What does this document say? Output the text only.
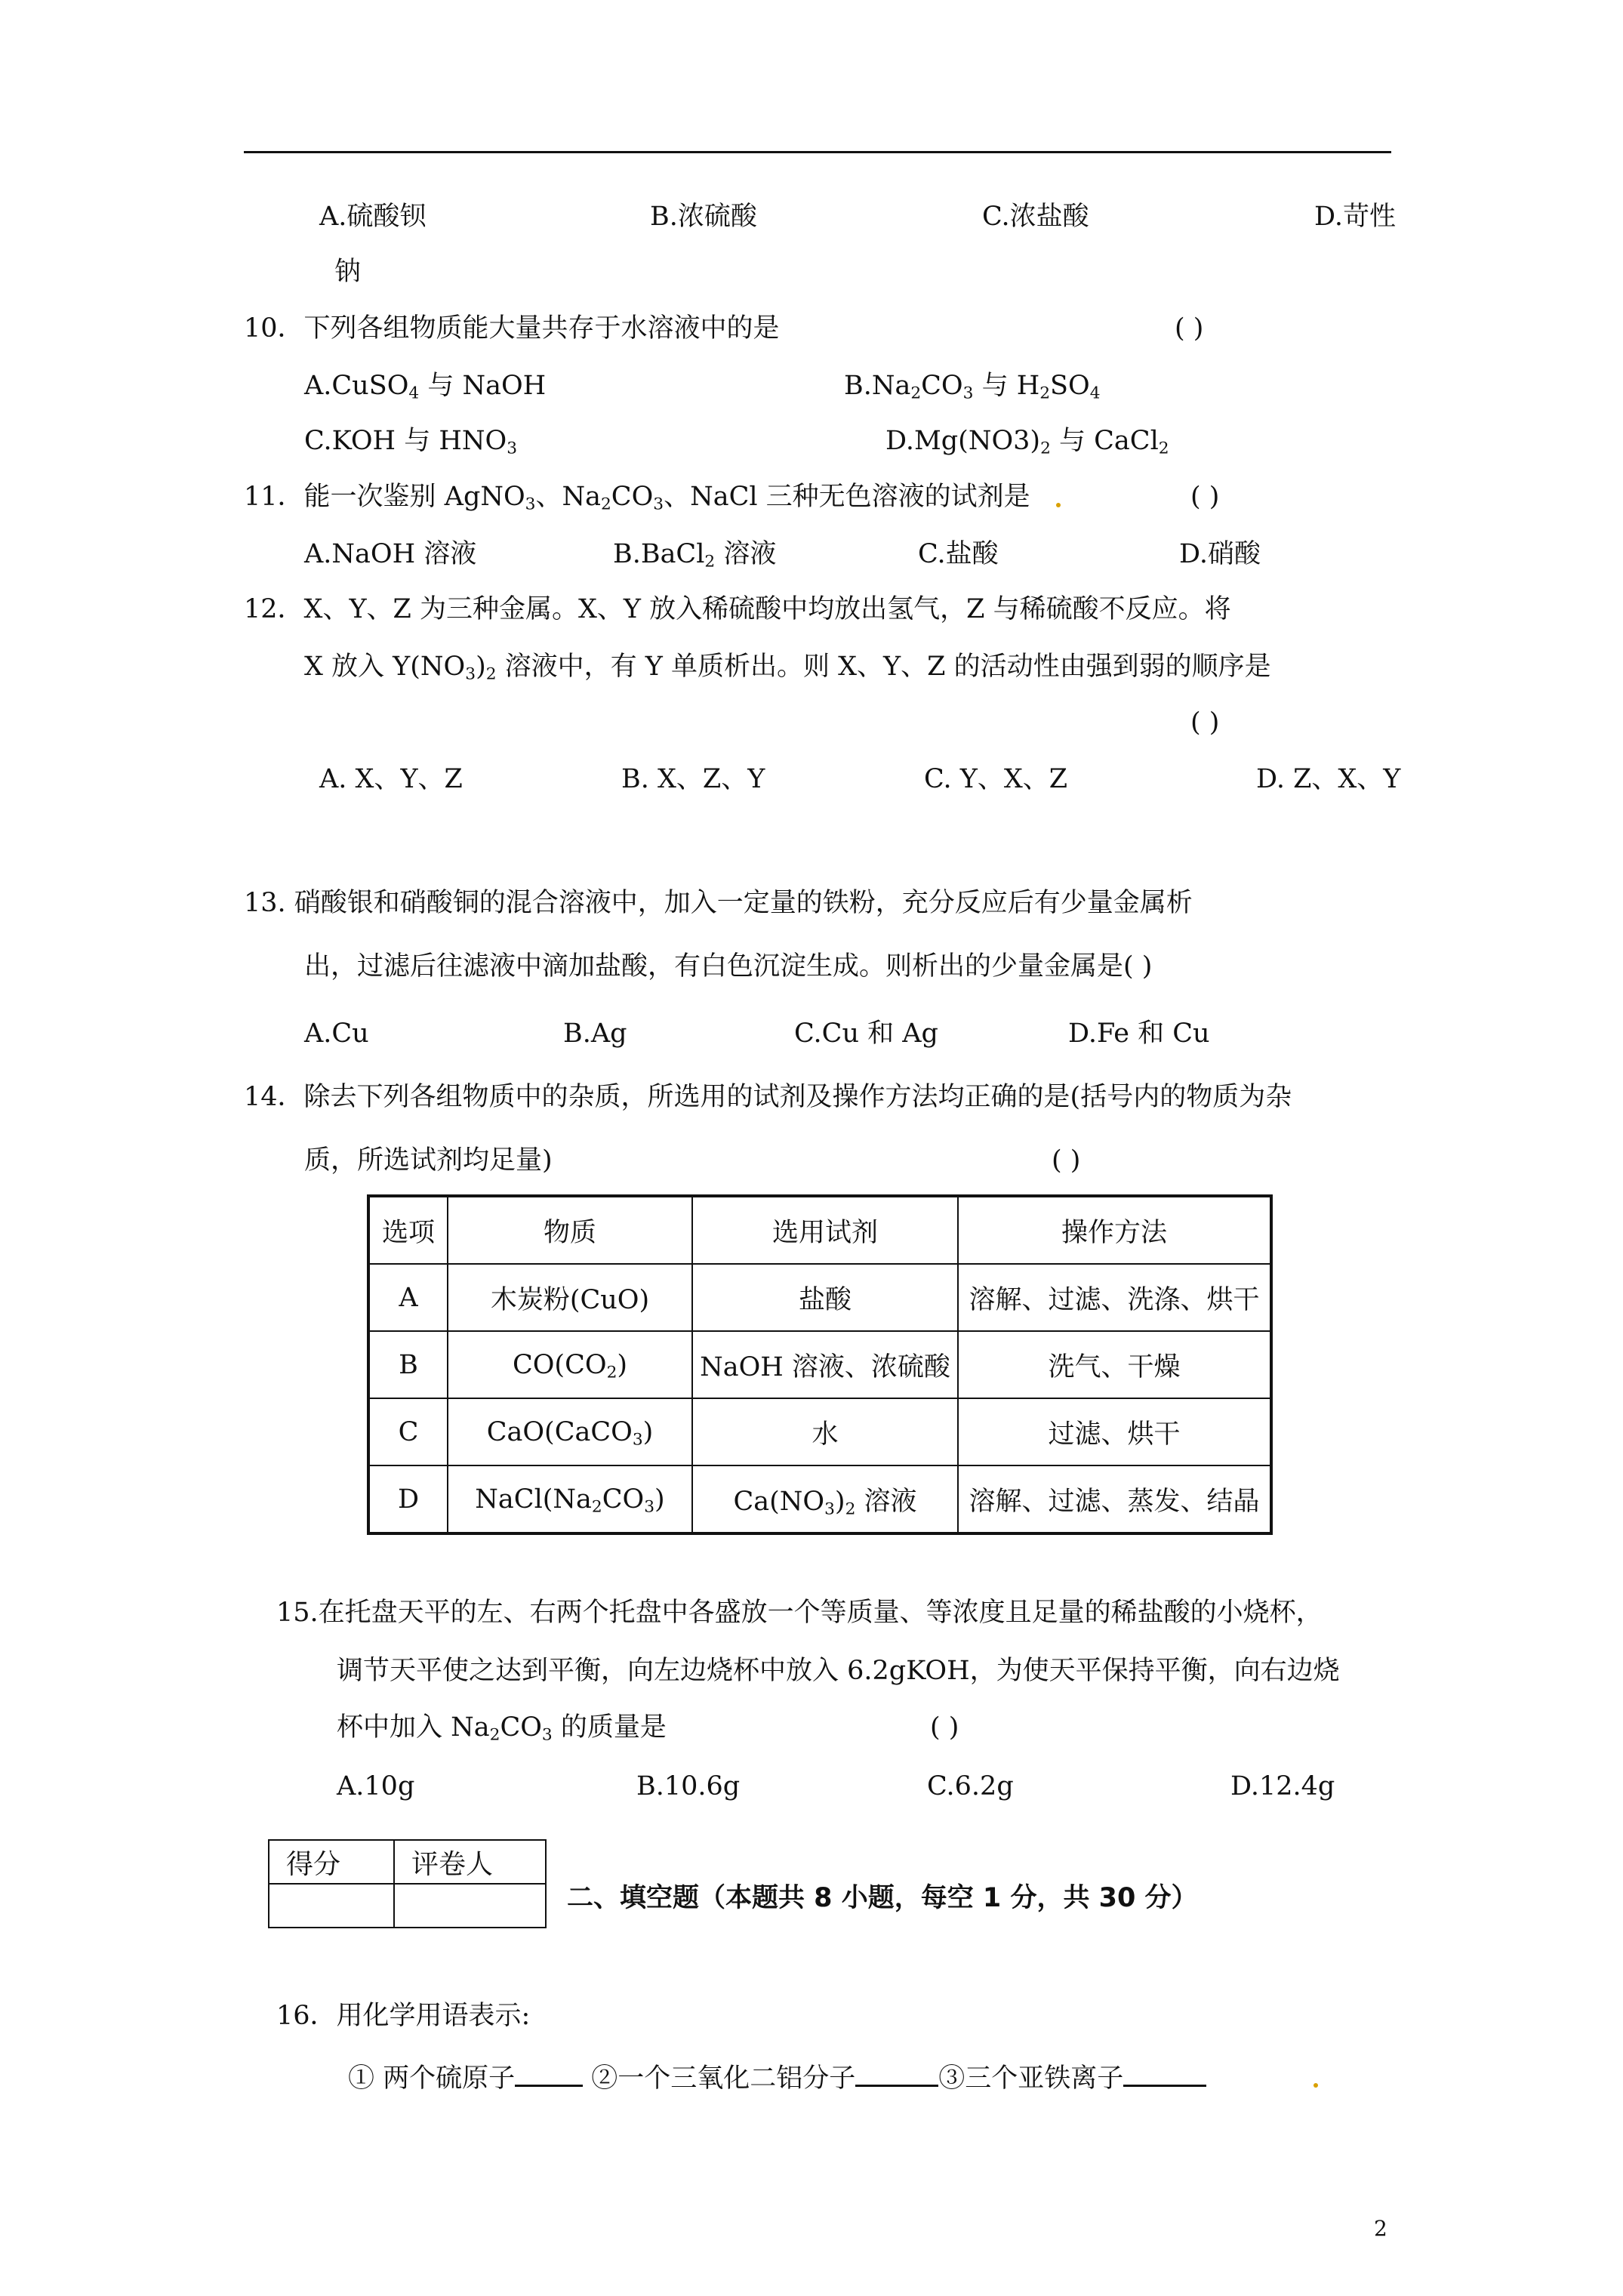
A.硫酸钡	B.浓硫酸	C.浓盐酸	D.苛性
钠
10．下列各组物质能大量共存于水溶液中的是	( )
A.CuSO$_4$ 与 NaOH	$B.Na_2CO_3$ 与 $H_2SO_4$
C.KOH 与 $HNO_3$	$D.Mg(NO3)_2$ 与 CaCl$_2$
11．能一次鉴别 AgNO$_3$、$Na_2CO_3$、NaCl 三种无色溶液的试剂是	( )
A.NaOH 溶液	B.BaCl$_2$ 溶液	C.盐酸	D.硝酸
12．X、Y、Z 为三种金属。X、Y 放入稀硫酸中均放出氢气，Z 与稀硫酸不反应。将
X 放入 $Y(NO_3)_2$ 溶液中，有 Y 单质析出。则 X、Y、Z 的活动性由强到弱的顺序是
( )
A. X、Y、Z	B. X、Z、Y	C. Y、X、Z	D. Z、X、Y
13. 硝酸银和硝酸铜的混合溶液中，加入一定量的铁粉，充分反应后有少量金属析
出，过滤后往滤液中滴加盐酸，有白色沉淀生成。则析出的少量金属是( )
A.Cu	B.Ag	C.Cu 和 Ag	D.Fe 和 Cu
14．除去下列各组物质中的杂质，所选用的试剂及操作方法均正确的是(括号内的物质为杂
质，所选试剂均足量)	( )
选项	物质	选用试剂	操作方法
A	木炭粉(CuO)	盐酸	溶解、过滤、洗涤、烘干
B	$CO(CO_2)$	NaOH 溶液、浓硫酸	洗气、干燥
C	CaO(CaCO$_3$)	水	过滤、烘干
D	$NaCl(Na_2CO_3)$	$Ca(NO_3)_2$ 溶液	溶解、过滤、蒸发、结晶
15.在托盘天平的左、右两个托盘中各盛放一个等质量、等浓度且足量的稀盐酸的小烧杯，
调节天平使之达到平衡，向左边烧杯中放入 6.2gKOH，为使天平保持平衡，向右边烧
杯中加入 $Na_2CO_3$ 的质量是	( )
A.10g	B.10.6g	C.6.2g	D.12.4g
得分	评卷人

二、填空题（本题共 8 小题，每空 1 分，共 30 分）
16．用化学用语表示:
① 两个硫原子	②一个三氧化二铝分子	③三个亚铁离子
2
